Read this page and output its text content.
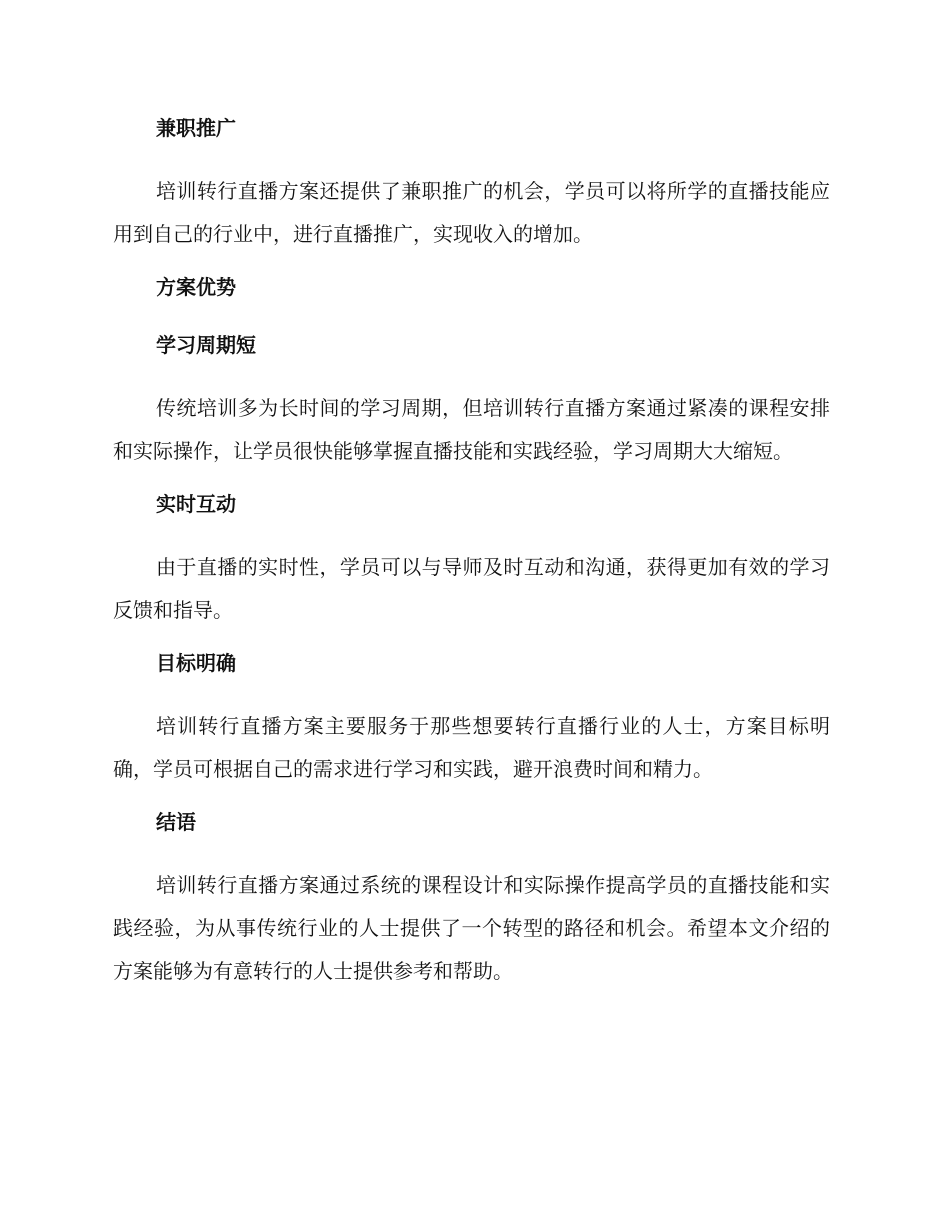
兼职推广

培训转行直播方案还提供了兼职推广的机会，学员可以将所学的直播技能应用到自己的行业中，进行直播推广，实现收入的增加。

方案优势
学习周期短

传统培训多为长时间的学习周期，但培训转行直播方案通过紧凑的课程安排和实际操作，让学员很快能够掌握直播技能和实践经验，学习周期大大缩短。

实时互动

由于直播的实时性，学员可以与导师及时互动和沟通，获得更加有效的学习反馈和指导。

目标明确

培训转行直播方案主要服务于那些想要转行直播行业的人士，方案目标明确，学员可根据自己的需求进行学习和实践，避开浪费时间和精力。

结语

培训转行直播方案通过系统的课程设计和实际操作提高学员的直播技能和实践经验，为从事传统行业的人士提供了一个转型的路径和机会。希望本文介绍的方案能够为有意转行的人士提供参考和帮助。
